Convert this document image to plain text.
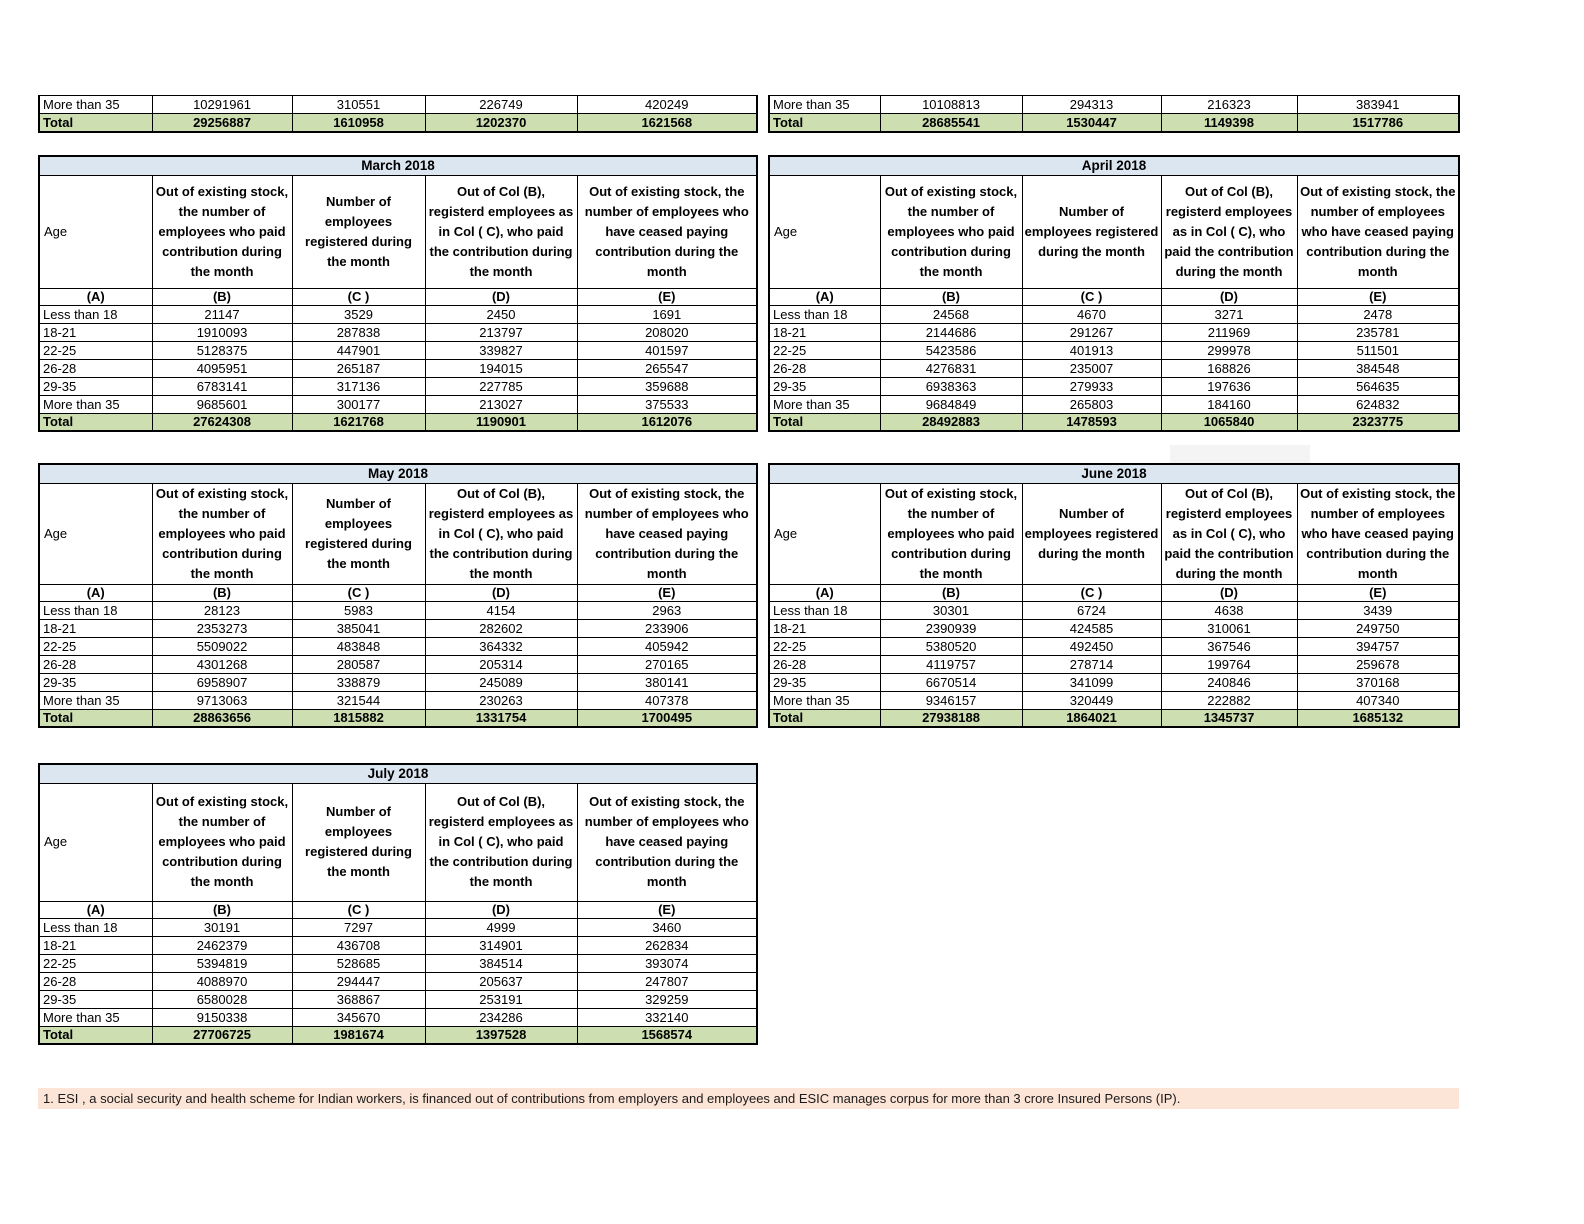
More than 35	10291961	310551	226749	420249
Total	29256887	1610958	1202370	1621568
More than 35	10108813	294313	216323	383941
Total	28685541	1530447	1149398	1517786
March 2018				

Age	Out of existing stock, the number of employees who paid contribution during the month	Number of employees registered during the month	Out of Col (B), registerd employees as in Col ( C), who paid the contribution during the month	Out of existing stock, the number of employees who have ceased paying contribution during the month

(A)	(B)	(C )	(D)	(E)
Less than 18	21147	3529	2450	1691
18-21	1910093	287838	213797	208020
22-25	5128375	447901	339827	401597
26-28	4095951	265187	194015	265547
29-35	6783141	317136	227785	359688
More than 35	9685601	300177	213027	375533
Total	27624308	1621768	1190901	1612076
April 2018				

Age	Out of existing stock, the number of employees who paid contribution during the month	Number of employees registered during the month	Out of Col (B), registerd employees as in Col ( C), who paid the contribution during the month	Out of existing stock, the number of employees who have ceased paying contribution during the month

(A)	(B)	(C )	(D)	(E)
Less than 18	24568	4670	3271	2478
18-21	2144686	291267	211969	235781
22-25	5423586	401913	299978	511501
26-28	4276831	235007	168826	384548
29-35	6938363	279933	197636	564635
More than 35	9684849	265803	184160	624832
Total	28492883	1478593	1065840	2323775
May 2018				

Age	Out of existing stock, the number of employees who paid contribution during the month	Number of employees registered during the month	Out of Col (B), registerd employees as in Col ( C), who paid the contribution during the month	Out of existing stock, the number of employees who have ceased paying contribution during the month

(A)	(B)	(C )	(D)	(E)
Less than 18	28123	5983	4154	2963
18-21	2353273	385041	282602	233906
22-25	5509022	483848	364332	405942
26-28	4301268	280587	205314	270165
29-35	6958907	338879	245089	380141
More than 35	9713063	321544	230263	407378
Total	28863656	1815882	1331754	1700495
June 2018				

Age	Out of existing stock, the number of employees who paid contribution during the month	Number of employees registered during the month	Out of Col (B), registerd employees as in Col ( C), who paid the contribution during the month	Out of existing stock, the number of employees who have ceased paying contribution during the month

(A)	(B)	(C )	(D)	(E)
Less than 18	30301	6724	4638	3439
18-21	2390939	424585	310061	249750
22-25	5380520	492450	367546	394757
26-28	4119757	278714	199764	259678
29-35	6670514	341099	240846	370168
More than 35	9346157	320449	222882	407340
Total	27938188	1864021	1345737	1685132
July 2018				

Age	Out of existing stock, the number of employees who paid contribution during the month	Number of employees registered during the month	Out of Col (B), registerd employees as in Col ( C), who paid the contribution during the month	Out of existing stock, the number of employees who have ceased paying contribution during the month

(A)	(B)	(C )	(D)	(E)
Less than 18	30191	7297	4999	3460
18-21	2462379	436708	314901	262834
22-25	5394819	528685	384514	393074
26-28	4088970	294447	205637	247807
29-35	6580028	368867	253191	329259
More than 35	9150338	345670	234286	332140
Total	27706725	1981674	1397528	1568574
1. ESI , a social security and health scheme for Indian workers, is financed out of contributions from employers and employees and ESIC manages corpus for more than 3 crore Insured Persons (IP).
